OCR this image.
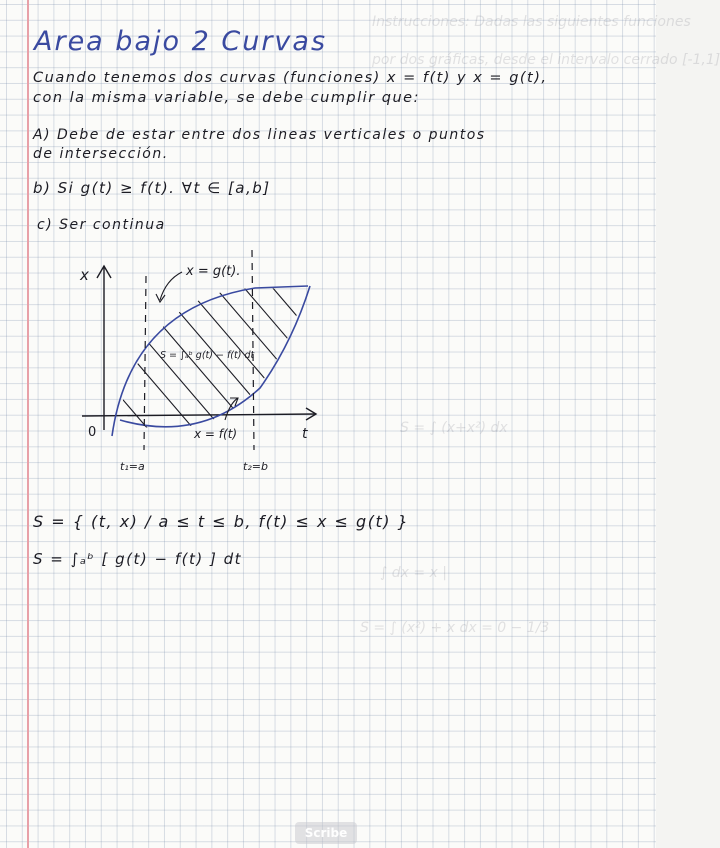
Instrucciones: Dadas las siguientes funciones
por dos gráficas, desde el intervalo cerrado [-1,1]
S = ∫ (x+x²) dx
∫ dx = x |
S = ∫ (x²) + x dx = 0 − 1/3
Area bajo 2 Curvas
Cuando tenemos dos curvas (funciones) x = f(t) y x = g(t),
con la misma variable, se debe cumplir que:
A) Debe de estar entre dos lineas verticales o puntos
de intersección.
b) Si g(t) ≥ f(t). ∀t ∈ [a,b]
c) Ser continua
x
t
0
x = g(t).
x = f(t)
S = ∫ₐᵇ g(t) − f(t) dt
t₁=a	t₂=b
S = { (t, x) / a ≤ t ≤ b, f(t) ≤ x ≤ g(t) }
S = ∫ₐᵇ [ g(t) − f(t) ] dt
Scribe
